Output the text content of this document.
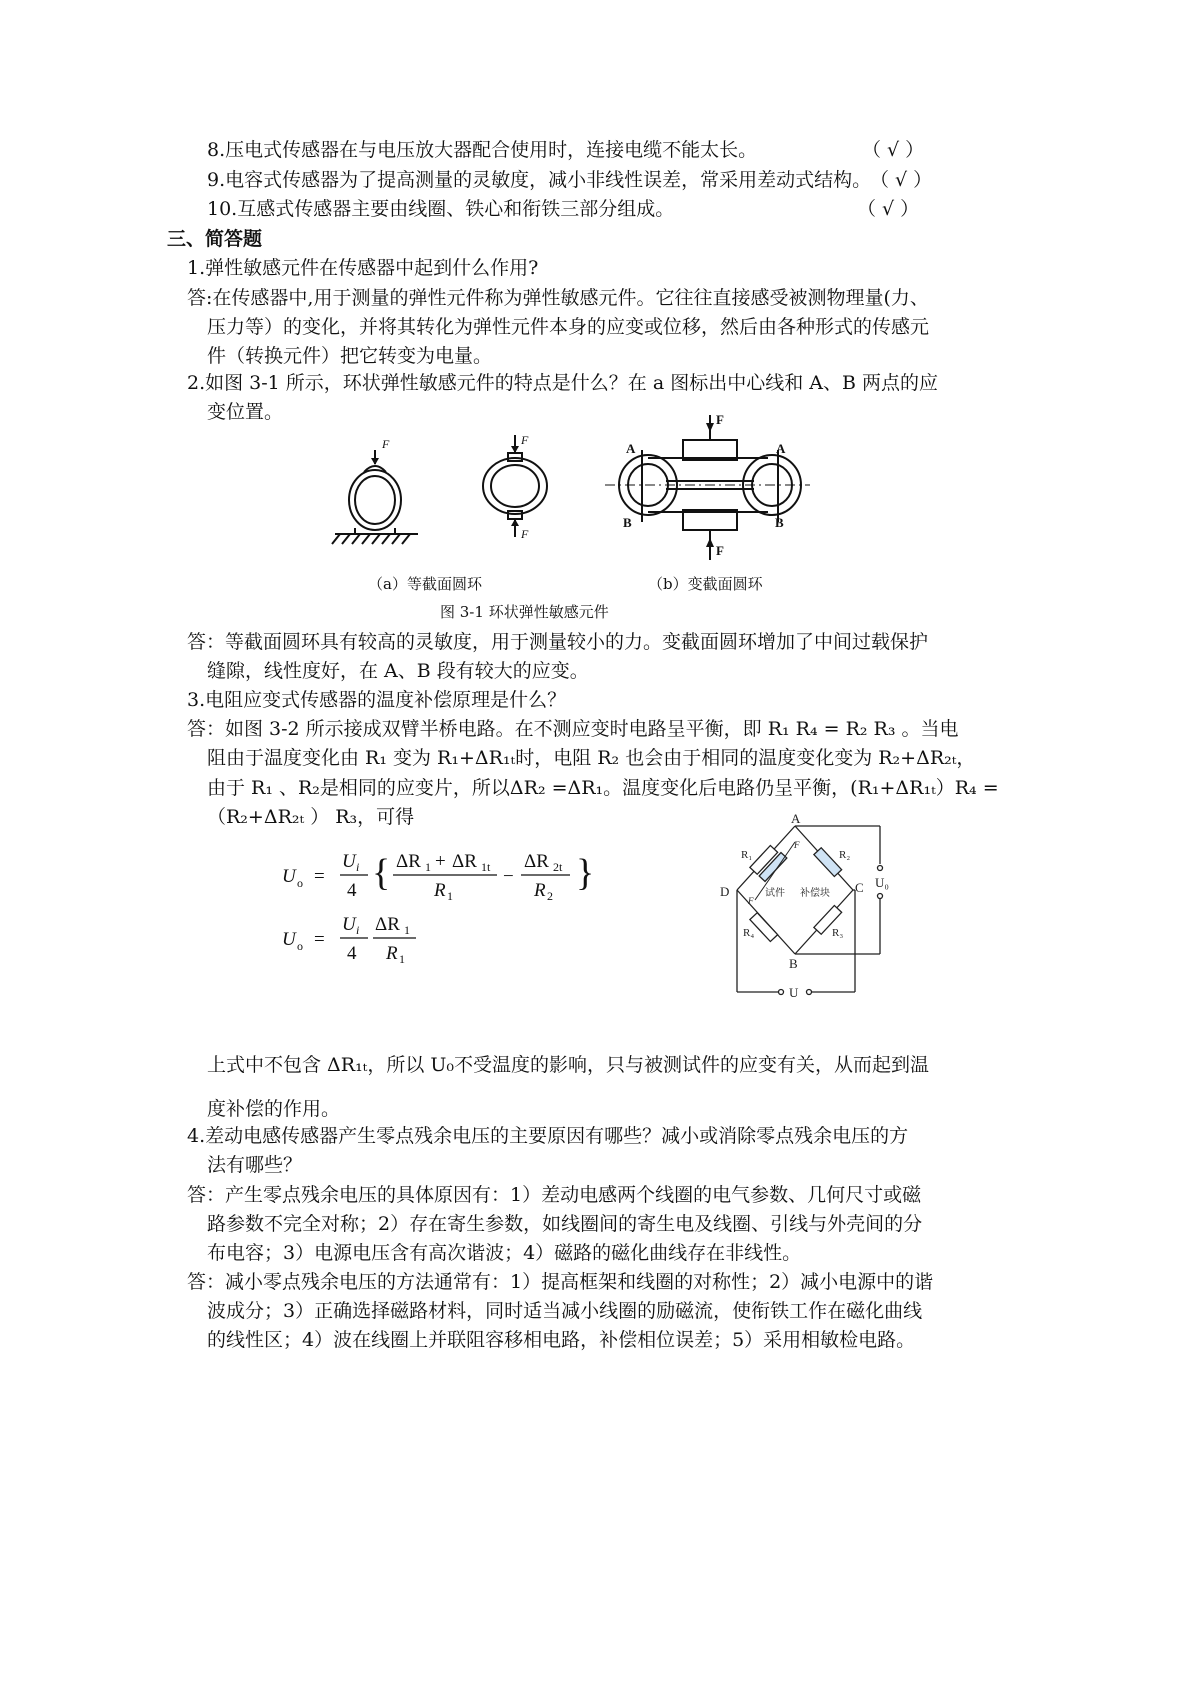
8.压电式传感器在与电压放大器配合使用时，连接电缆不能太长。	（ √ ）
9.电容式传感器为了提高测量的灵敏度，减小非线性误差，常采用差动式结构。
（ √ ）
10.互感式传感器主要由线圈、铁心和衔铁三部分组成。	（ √ ）
三、简答题
1.弹性敏感元件在传感器中起到什么作用?
答:在传感器中,用于测量的弹性元件称为弹性敏感元件。它往往直接感受被测物理量(力、
压力等）的变化，并将其转化为弹性元件本身的应变或位移，然后由各种形式的传感元
件（转换元件）把它转变为电量。
2.如图 3-1 所示，环状弹性敏感元件的特点是什么？在 a 图标出中心线和 A、B 两点的应
变位置。
F	F
F
F
F
A	A
B	B
（a）等截面圆环	（b）变截面圆环
图 3-1 环状弹性敏感元件
答：等截面圆环具有较高的灵敏度，用于测量较小的力。变截面圆环增加了中间过载保护
缝隙，线性度好，在 A、B 段有较大的应变。
3.电阻应变式传感器的温度补偿原理是什么？
答：如图 3-2 所示接成双臂半桥电路。在不测应变时电路呈平衡，即 R₁ R₄ = R₂ R₃ 。当电
阻由于温度变化由 R₁ 变为 R₁+ΔR₁ₜ时，电阻 R₂ 也会由于相同的温度变化变为 R₂+ΔR₂ₜ，
由于 R₁ 、R₂是相同的应变片，所以ΔR₂ =ΔR₁。温度变化后电路仍呈平衡，(R₁+ΔR₁ₜ）R₄ =
（R₂+ΔR₂ₜ ） R₃，可得
U o =
U i
4 { ΔR 1 + ΔR 1t
R 1
−
ΔR 2t
R 2
}
U o =
U i
4
ΔR 1
R 1
A
B
C
D
R₁	R₂
R₃
R₄
试件 补偿块
F
F
U₀
U
上式中不包含 ΔR₁ₜ，所以 U₀不受温度的影响，只与被测试件的应变有关，从而起到温
度补偿的作用。
4.差动电感传感器产生零点残余电压的主要原因有哪些？减小或消除零点残余电压的方
法有哪些？
答：产生零点残余电压的具体原因有：1）差动电感两个线圈的电气参数、几何尺寸或磁
路参数不完全对称；2）存在寄生参数，如线圈间的寄生电及线圈、引线与外壳间的分
布电容；3）电源电压含有高次谐波；4）磁路的磁化曲线存在非线性。
答：减小零点残余电压的方法通常有：1）提高框架和线圈的对称性；2）减小电源中的谐
波成分；3）正确选择磁路材料，同时适当减小线圈的励磁流，使衔铁工作在磁化曲线
的线性区；4）波在线圈上并联阻容移相电路，补偿相位误差；5）采用相敏检电路。
